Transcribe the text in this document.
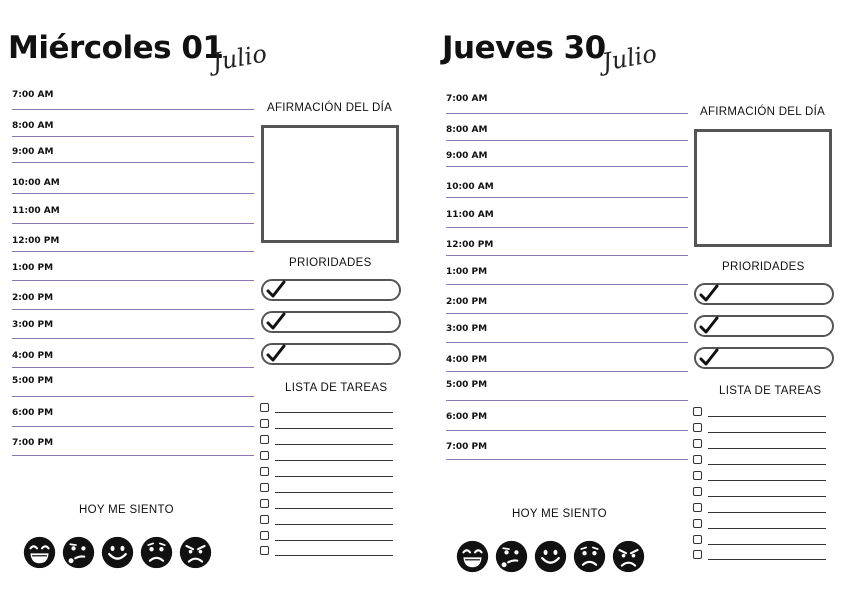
Miércoles 01
Julio
7:00 AM
8:00 AM
9:00 AM
10:00 AM
11:00 AM
12:00 PM
1:00 PM
2:00 PM
3:00 PM
4:00 PM
5:00 PM
6:00 PM
7:00 PM
AFIRMACIÓN DEL DÍA
PRIORIDADES
LISTA DE TAREAS
HOY ME SIENTO
Jueves 30
Julio
7:00 AM
8:00 AM
9:00 AM
10:00 AM
11:00 AM
12:00 PM
1:00 PM
2:00 PM
3:00 PM
4:00 PM
5:00 PM
6:00 PM
7:00 PM
AFIRMACIÓN DEL DÍA
PRIORIDADES
LISTA DE TAREAS
HOY ME SIENTO
